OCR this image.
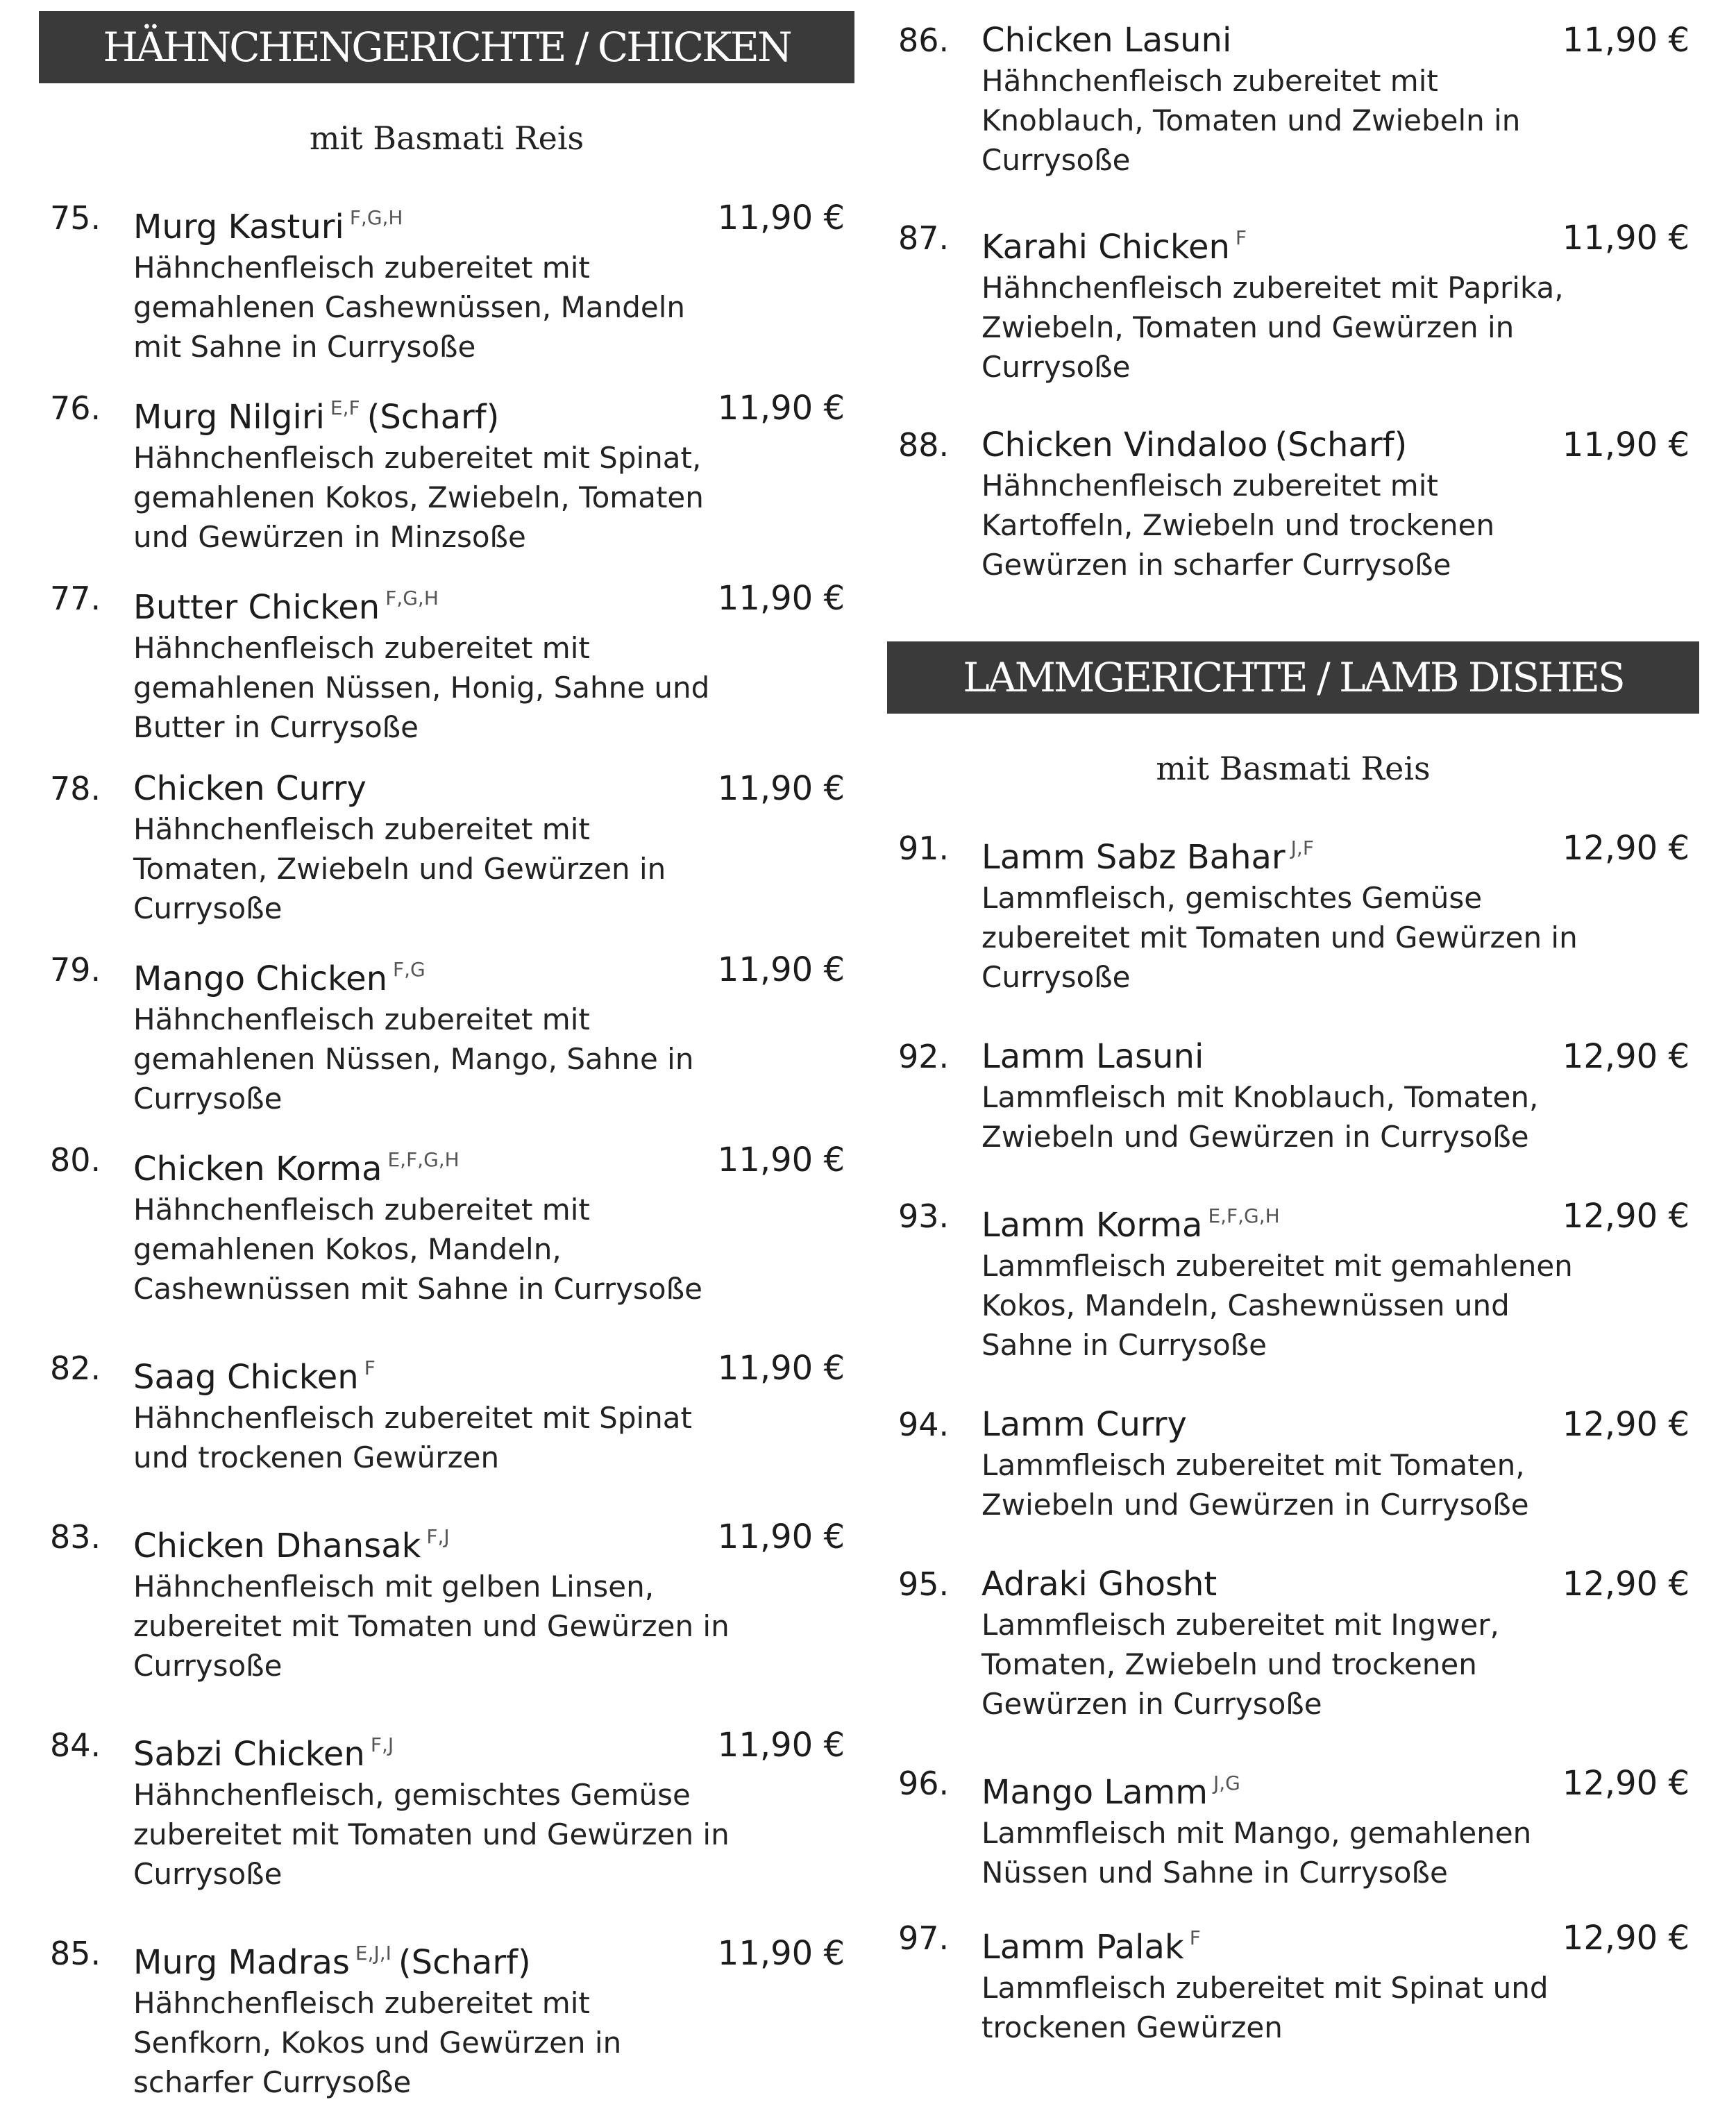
HÄHNCHENGERICHTE / CHICKEN
mit Basmati Reis
75.	11,90 €
Murg Kasturi $^{F,G,H}$
Hähnchenfleisch zubereitet mit gemahlenen Cashewnüssen, Mandeln mit Sahne in Currysoße
76.	11,90 €
Murg Nilgiri $^{E,F}$ (Scharf)
Hähnchenfleisch zubereitet mit Spinat, gemahlenen Kokos, Zwiebeln, Tomaten und Gewürzen in Minzsoße
77.	11,90 €
Butter Chicken $^{F,G,H}$
Hähnchenfleisch zubereitet mit gemahlenen Nüssen, Honig, Sahne und Butter in Currysoße
78.	11,90 €
Chicken Curry
Hähnchenfleisch zubereitet mit Tomaten, Zwiebeln und Gewürzen in Currysoße
79.	11,90 €
Mango Chicken $^{F,G}$
Hähnchenfleisch zubereitet mit gemahlenen Nüssen, Mango, Sahne in Currysoße
80.	11,90 €
Chicken Korma $^{E,F,G,H}$
Hähnchenfleisch zubereitet mit gemahlenen Kokos, Mandeln, Cashewnüssen mit Sahne in Currysoße
82.	11,90 €
Saag Chicken $^F$
Hähnchenfleisch zubereitet mit Spinat und trockenen Gewürzen
83.	11,90 €
Chicken Dhansak $^{F,J}$
Hähnchenfleisch mit gelben Linsen, zubereitet mit Tomaten und Gewürzen in Currysoße
84.	11,90 €
Sabzi Chicken $^{F,J}$
Hähnchenfleisch, gemischtes Gemüse zubereitet mit Tomaten und Gewürzen in Currysoße
85.	11,90 €
Murg Madras $^{E,J,I}$ (Scharf)
Hähnchenfleisch zubereitet mit Senfkorn, Kokos und Gewürzen in scharfer Currysoße
86.	11,90 €
Chicken Lasuni
Hähnchenfleisch zubereitet mit Knoblauch, Tomaten und Zwiebeln in Currysoße
87.	11,90 €
Karahi Chicken $^F$
Hähnchenfleisch zubereitet mit Paprika, Zwiebeln, Tomaten und Gewürzen in Currysoße
88.	11,90 €
Chicken Vindaloo (Scharf)
Hähnchenfleisch zubereitet mit Kartoffeln, Zwiebeln und trockenen Gewürzen in scharfer Currysoße
LAMMGERICHTE / LAMB DISHES
mit Basmati Reis
91.	12,90 €
Lamm Sabz Bahar $^{J,F}$
Lammfleisch, gemischtes Gemüse zubereitet mit Tomaten und Gewürzen in Currysoße
92.	12,90 €
Lamm Lasuni
Lammfleisch mit Knoblauch, Tomaten, Zwiebeln und Gewürzen in Currysoße
93.	12,90 €
Lamm Korma $^{E,F,G,H}$
Lammfleisch zubereitet mit gemahlenen Kokos, Mandeln, Cashewnüssen und Sahne in Currysoße
94.	12,90 €
Lamm Curry
Lammfleisch zubereitet mit Tomaten, Zwiebeln und Gewürzen in Currysoße
95.	12,90 €
Adraki Ghosht
Lammfleisch zubereitet mit Ingwer, Tomaten, Zwiebeln und trockenen Gewürzen in Currysoße
96.	12,90 €
Mango Lamm $^{J,G}$
Lammfleisch mit Mango, gemahlenen Nüssen und Sahne in Currysoße
97.	12,90 €
Lamm Palak $^F$
Lammfleisch zubereitet mit Spinat und trockenen Gewürzen
